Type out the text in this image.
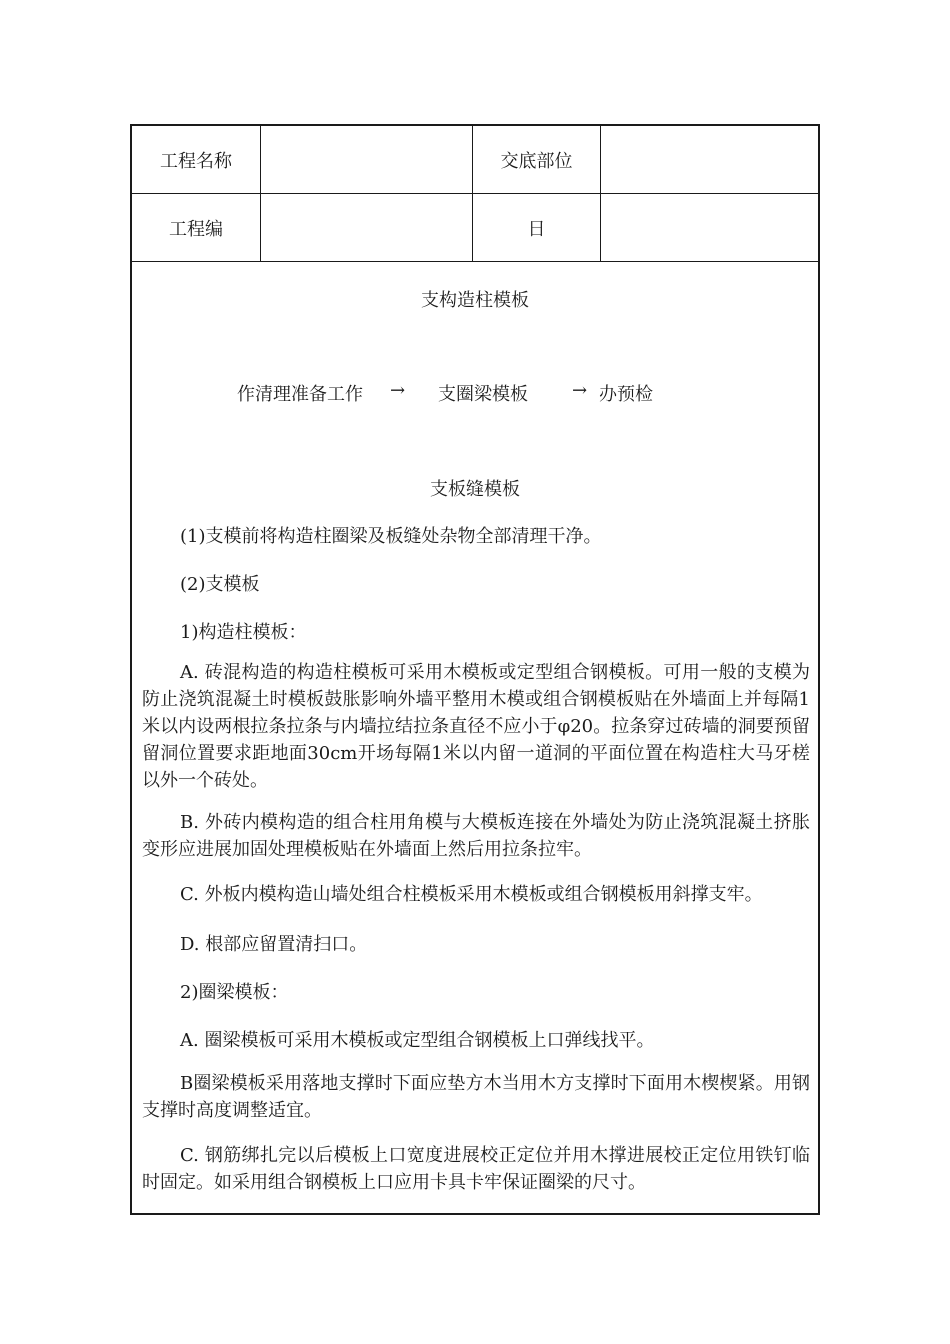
工程名称	交底部位
工程编	日
支构造柱模板
作清理准备工作 → 支圈梁模板 → 办预检
支板缝模板
(1)支模前将构造柱圈梁及板缝处杂物全部清理干净。
(2)支模板
1)构造柱模板：
A. 砖混构造的构造柱模板可采用木模板或定型组合钢模板。可用一般的支模为防止浇筑混凝土时模板鼓胀影响外墙平整用木模或组合钢模板贴在外墙面上并每隔1米以内设两根拉条拉条与内墙拉结拉条直径不应小于φ20。拉条穿过砖墙的洞要预留留洞位置要求距地面30cm开场每隔1米以内留一道洞的平面位置在构造柱大马牙槎以外一个砖处。
B. 外砖内模构造的组合柱用角模与大模板连接在外墙处为防止浇筑混凝土挤胀变形应进展加固处理模板贴在外墙面上然后用拉条拉牢。
C. 外板内模构造山墙处组合柱模板采用木模板或组合钢模板用斜撑支牢。
D. 根部应留置清扫口。
2)圈梁模板：
A. 圈梁模板可采用木模板或定型组合钢模板上口弹线找平。
B圈梁模板采用落地支撑时下面应垫方木当用木方支撑时下面用木楔楔紧。用钢支撑时高度调整适宜。
C. 钢筋绑扎完以后模板上口宽度进展校正定位并用木撑进展校正定位用铁钉临时固定。如采用组合钢模板上口应用卡具卡牢保证圈梁的尺寸。
